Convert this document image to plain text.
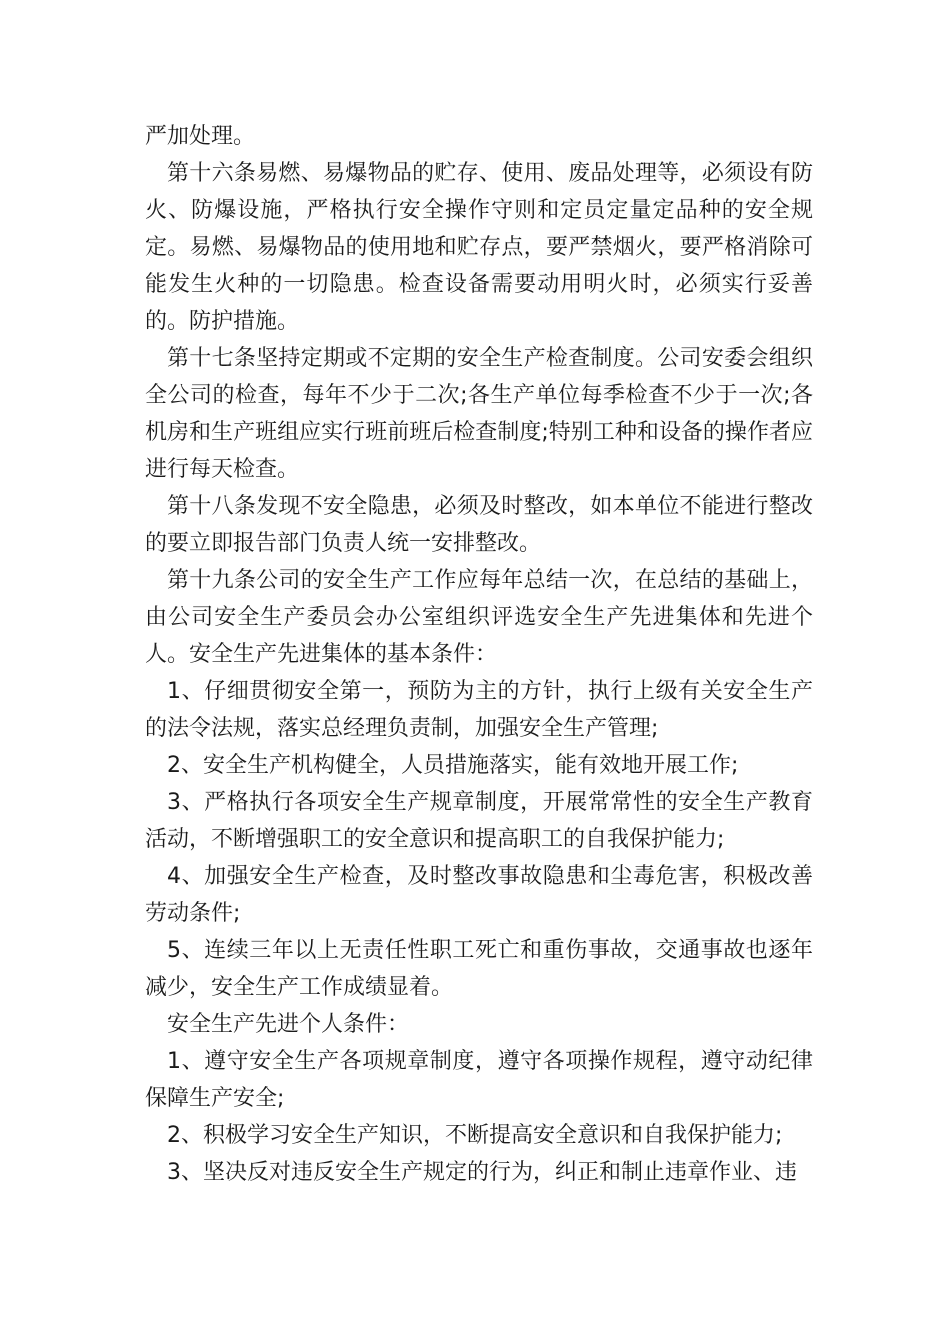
严加处理。

第十六条易燃、易爆物品的贮存、使用、废品处理等，必须设有防火、防爆设施，严格执行安全操作守则和定员定量定品种的安全规定。易燃、易爆物品的使用地和贮存点，要严禁烟火，要严格消除可能发生火种的一切隐患。检查设备需要动用明火时，必须实行妥善的。防护措施。

第十七条坚持定期或不定期的安全生产检查制度。公司安委会组织全公司的检查，每年不少于二次;各生产单位每季检查不少于一次;各机房和生产班组应实行班前班后检查制度;特别工种和设备的操作者应进行每天检查。

第十八条发现不安全隐患，必须及时整改，如本单位不能进行整改的要立即报告部门负责人统一安排整改。

第十九条公司的安全生产工作应每年总结一次，在总结的基础上，由公司安全生产委员会办公室组织评选安全生产先进集体和先进个人。安全生产先进集体的基本条件：

1、仔细贯彻安全第一，预防为主的方针，执行上级有关安全生产的法令法规，落实总经理负责制，加强安全生产管理;

2、安全生产机构健全，人员措施落实，能有效地开展工作;

3、严格执行各项安全生产规章制度，开展常常性的安全生产教育活动，不断增强职工的安全意识和提高职工的自我保护能力;

4、加强安全生产检查，及时整改事故隐患和尘毒危害，积极改善劳动条件;

5、连续三年以上无责任性职工死亡和重伤事故，交通事故也逐年减少，安全生产工作成绩显着。

安全生产先进个人条件：

1、遵守安全生产各项规章制度，遵守各项操作规程，遵守动纪律保障生产安全;

2、积极学习安全生产知识，不断提高安全意识和自我保护能力;

3、坚决反对违反安全生产规定的行为，纠正和制止违章作业、违
